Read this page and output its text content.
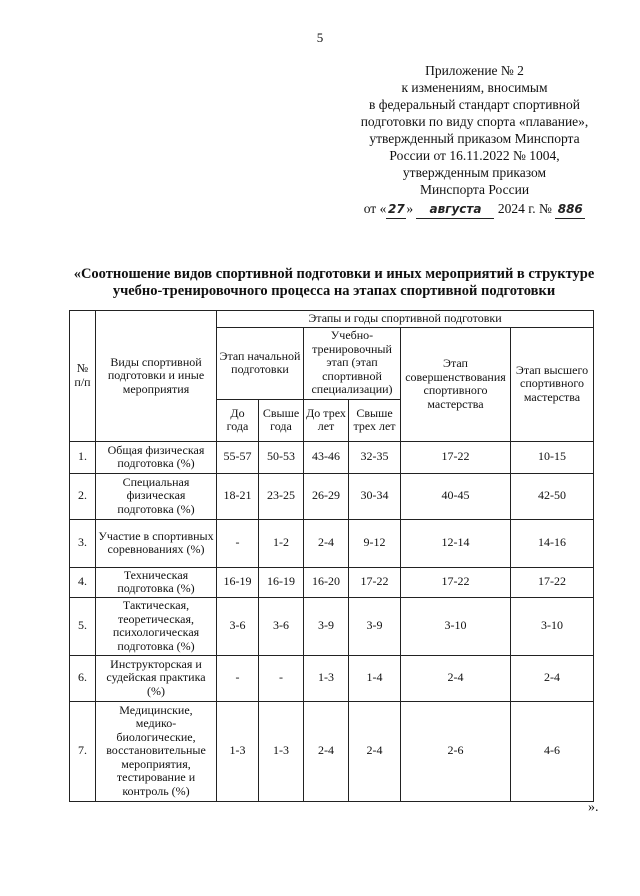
5
Приложение № 2
к изменениям, вносимым
в федеральный стандарт спортивной
подготовки по виду спорта «плавание»,
утвержденный приказом Минспорта
России от 16.11.2022 № 1004,
утвержденным приказом
Минспорта России
от « 27 » августа 2024 г. № 886
«Соотношение видов спортивной подготовки и иных мероприятий в структуре
учебно-тренировочного процесса на этапах спортивной подготовки
№ п/п	Виды спортивной подготовки и иные мероприятия	Этапы и годы спортивной подготовки					
		Этап начальной подготовки		Учебно-тренировочный этап (этап спортивной специализации)		Этап совершенствования спортивного мастерства	Этап высшего спортивного мастерства
		До года	Свыше года	До трех лет	Свыше трех лет		
1.	Общая физическая подготовка (%)	55-57	50-53	43-46	32-35	17-22	10-15
2.	Специальная физическая подготовка (%)	18-21	23-25	26-29	30-34	40-45	42-50
3.	Участие в спортивных соревнованиях (%)	-	1-2	2-4	9-12	12-14	14-16
4.	Техническая подготовка (%)	16-19	16-19	16-20	17-22	17-22	17-22
5.	Тактическая, теоретическая, психологическая подготовка (%)	3-6	3-6	3-9	3-9	3-10	3-10
6.	Инструкторская и судейская практика (%)	-	-	1-3	1-4	2-4	2-4
7.	Медицинские, медико-биологические, восстановительные мероприятия, тестирование и контроль (%)	1-3	1-3	2-4	2-4	2-6	4-6
».
